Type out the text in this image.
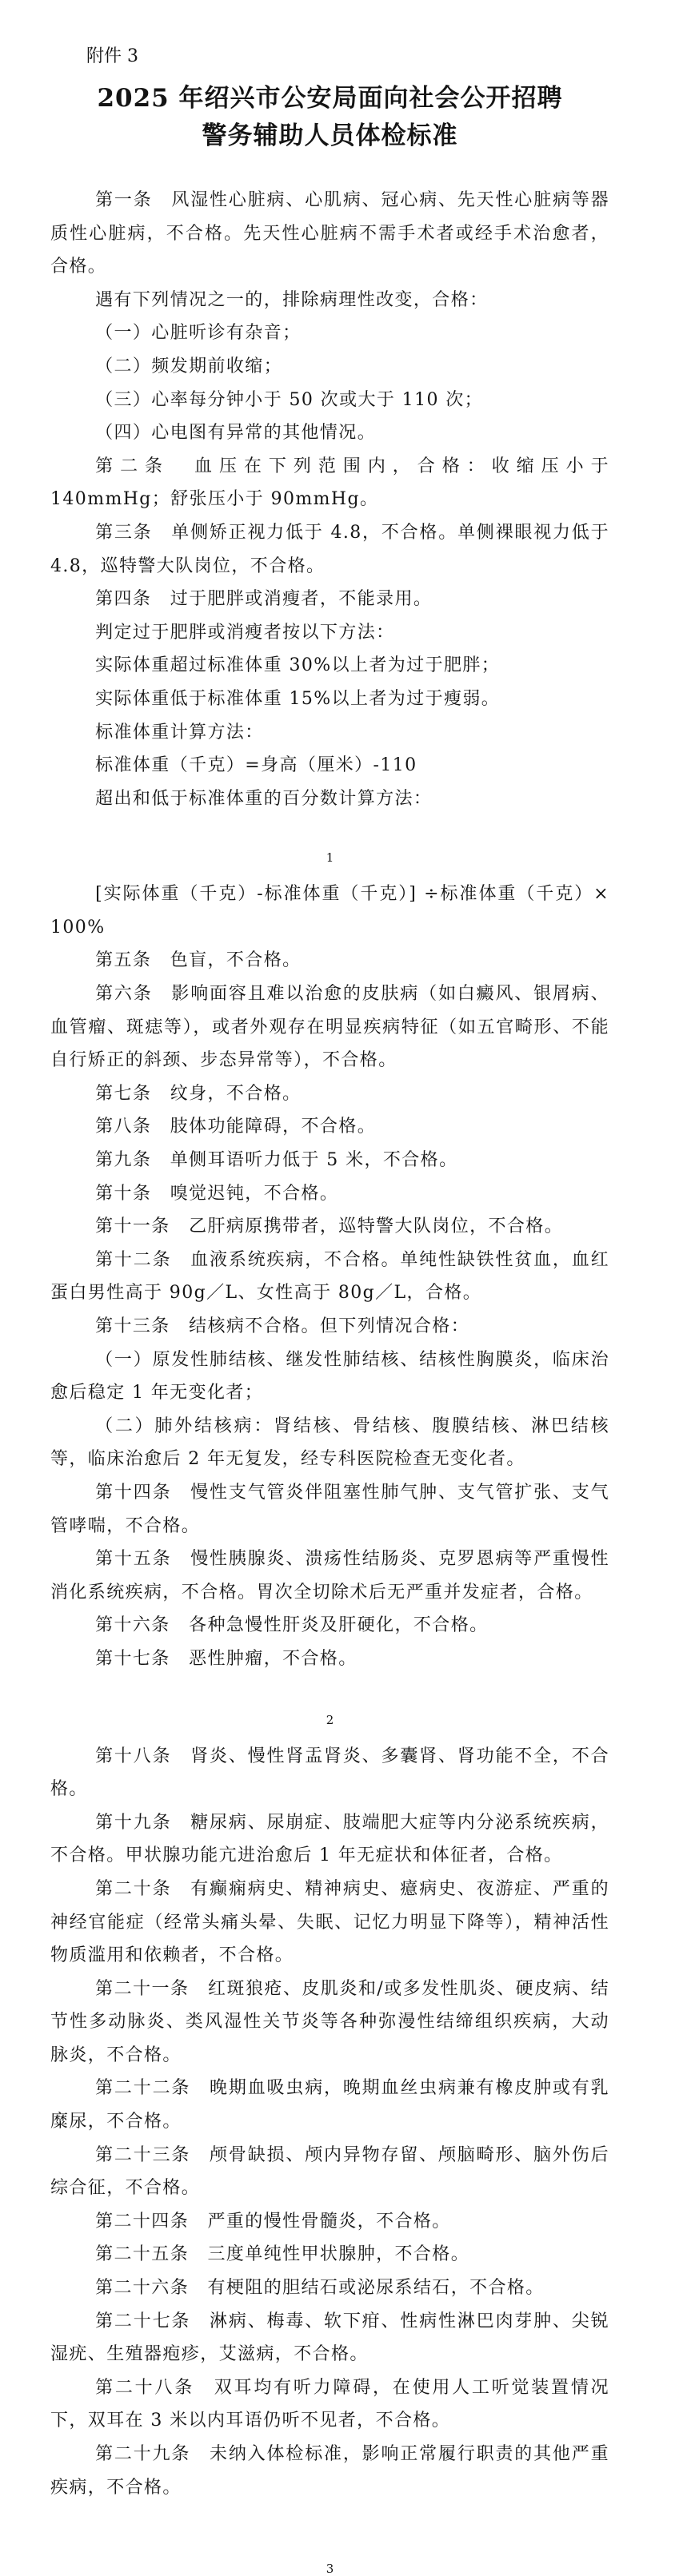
附件 3
2025 年绍兴市公安局面向社会公开招聘
警务辅助人员体检标准

第一条　风湿性心脏病、心肌病、冠心病、先天性心脏病等器质性心脏病，不合格。先天性心脏病不需手术者或经手术治愈者，合格。

遇有下列情况之一的，排除病理性改变，合格：

（一）心脏听诊有杂音；

（二）频发期前收缩；

（三）心率每分钟小于 50 次或大于 110 次；

（四）心电图有异常的其他情况。

第二条　血压在下列范围内，合格：收缩压小于 140mmHg；舒张压小于 90mmHg。

第三条　单侧矫正视力低于 4.8，不合格。单侧裸眼视力低于 4.8，巡特警大队岗位，不合格。

第四条　过于肥胖或消瘦者，不能录用。

判定过于肥胖或消瘦者按以下方法：

实际体重超过标准体重 30%以上者为过于肥胖；

实际体重低于标准体重 15%以上者为过于瘦弱。

标准体重计算方法：

标准体重（千克）=身高（厘米）-110

超出和低于标准体重的百分数计算方法：

1

[实际体重（千克）-标准体重（千克）] ÷标准体重（千克）× 100%

第五条　色盲，不合格。

第六条　影响面容且难以治愈的皮肤病（如白癜风、银屑病、血管瘤、斑痣等），或者外观存在明显疾病特征（如五官畸形、不能自行矫正的斜颈、步态异常等），不合格。

第七条　纹身，不合格。

第八条　肢体功能障碍，不合格。

第九条　单侧耳语听力低于 5 米，不合格。

第十条　嗅觉迟钝，不合格。

第十一条　乙肝病原携带者，巡特警大队岗位，不合格。

第十二条　血液系统疾病，不合格。单纯性缺铁性贫血，血红蛋白男性高于 90g／L、女性高于 80g／L，合格。

第十三条　结核病不合格。但下列情况合格：

（一）原发性肺结核、继发性肺结核、结核性胸膜炎，临床治愈后稳定 1 年无变化者；

（二）肺外结核病：肾结核、骨结核、腹膜结核、淋巴结核等，临床治愈后 2 年无复发，经专科医院检查无变化者。

第十四条　慢性支气管炎伴阻塞性肺气肿、支气管扩张、支气管哮喘，不合格。

第十五条　慢性胰腺炎、溃疡性结肠炎、克罗恩病等严重慢性消化系统疾病，不合格。胃次全切除术后无严重并发症者，合格。

第十六条　各种急慢性肝炎及肝硬化，不合格。

第十七条　恶性肿瘤，不合格。

2

第十八条　肾炎、慢性肾盂肾炎、多囊肾、肾功能不全，不合格。

第十九条　糖尿病、尿崩症、肢端肥大症等内分泌系统疾病，不合格。甲状腺功能亢进治愈后 1 年无症状和体征者，合格。

第二十条　有癫痫病史、精神病史、癔病史、夜游症、严重的神经官能症（经常头痛头晕、失眠、记忆力明显下降等），精神活性物质滥用和依赖者，不合格。

第二十一条　红斑狼疮、皮肌炎和/或多发性肌炎、硬皮病、结节性多动脉炎、类风湿性关节炎等各种弥漫性结缔组织疾病，大动脉炎，不合格。

第二十二条　晚期血吸虫病，晚期血丝虫病兼有橡皮肿或有乳糜尿，不合格。

第二十三条　颅骨缺损、颅内异物存留、颅脑畸形、脑外伤后综合征，不合格。

第二十四条　严重的慢性骨髓炎，不合格。

第二十五条　三度单纯性甲状腺肿，不合格。

第二十六条　有梗阻的胆结石或泌尿系结石，不合格。

第二十七条　淋病、梅毒、软下疳、性病性淋巴肉芽肿、尖锐湿疣、生殖器疱疹，艾滋病，不合格。

第二十八条　双耳均有听力障碍，在使用人工听觉装置情况下，双耳在 3 米以内耳语仍听不见者，不合格。

第二十九条　未纳入体检标准，影响正常履行职责的其他严重疾病，不合格。

3
